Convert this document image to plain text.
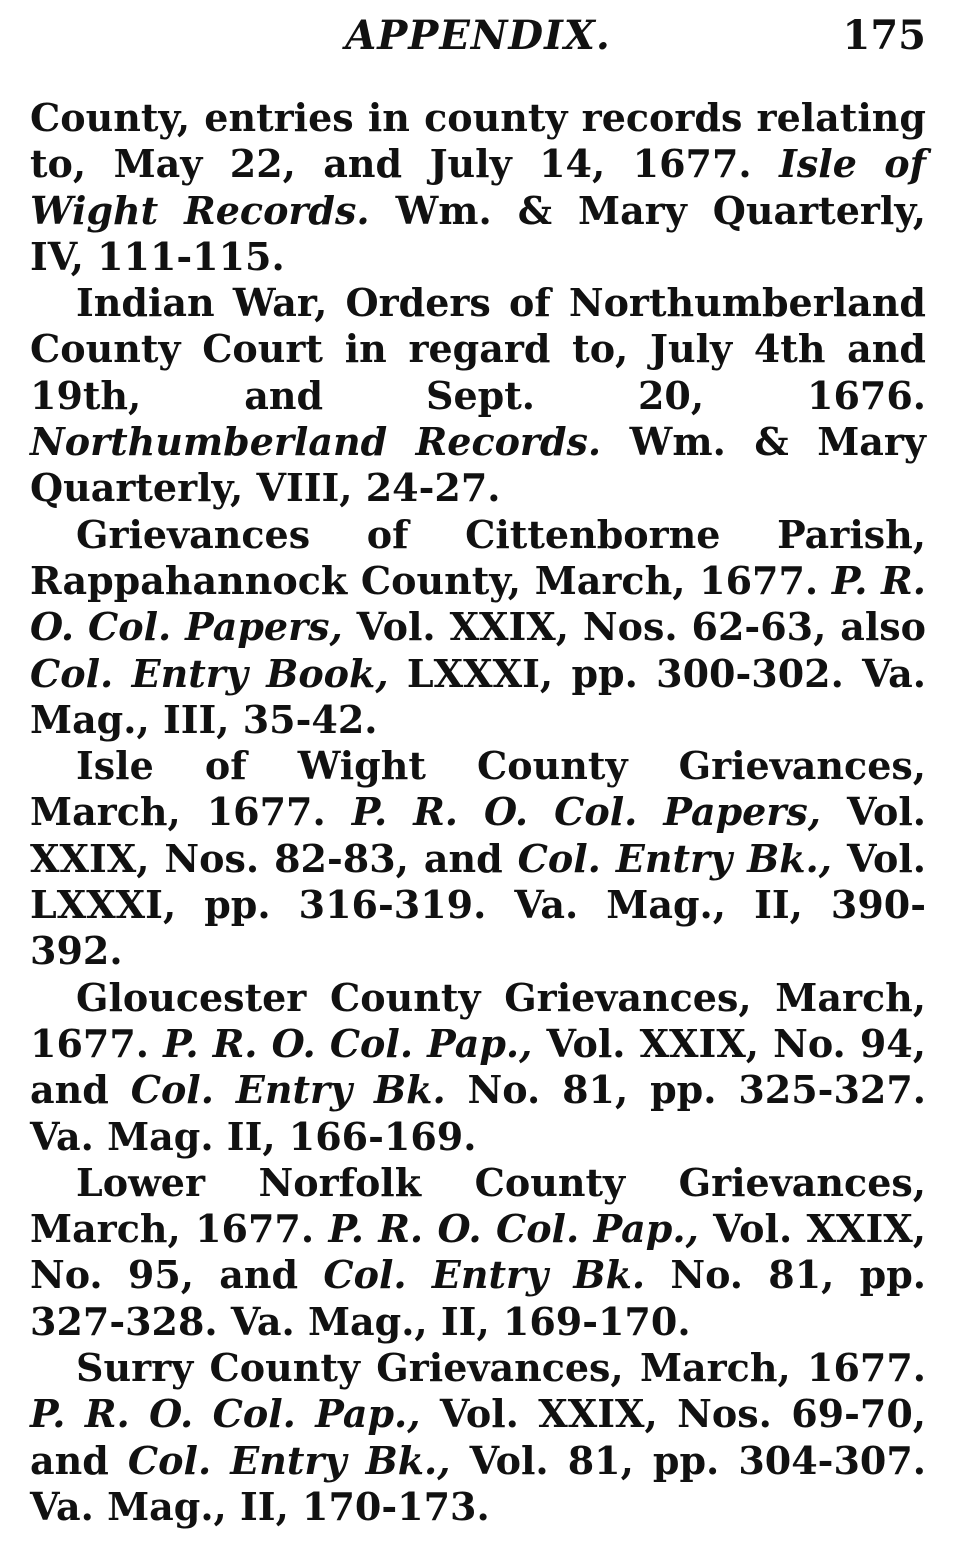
APPENDIX.	175

County, entries in county records relating to, May 22, and July 14, 1677. Isle of Wight Records. Wm. & Mary Quarterly, IV, 111-115.

Indian War, Orders of Northumberland County Court in regard to, July 4th and 19th, and Sept. 20, 1676. Northumberland Records. Wm. & Mary Quarterly, VIII, 24-27.

Grievances of Cittenborne Parish, Rappahannock County, March, 1677. P. R. O. Col. Papers, Vol. XXIX, Nos. 62-63, also Col. Entry Book, LXXXI, pp. 300-302. Va. Mag., III, 35-42.

Isle of Wight County Grievances, March, 1677. P. R. O. Col. Papers, Vol. XXIX, Nos. 82-83, and Col. Entry Bk., Vol. LXXXI, pp. 316-319. Va. Mag., II, 390-392.

Gloucester County Grievances, March, 1677. P. R. O. Col. Pap., Vol. XXIX, No. 94, and Col. Entry Bk. No. 81, pp. 325-327. Va. Mag. II, 166-169.

Lower Norfolk County Grievances, March, 1677. P. R. O. Col. Pap., Vol. XXIX, No. 95, and Col. Entry Bk. No. 81, pp. 327-328. Va. Mag., II, 169-170.

Surry County Grievances, March, 1677. P. R. O. Col. Pap., Vol. XXIX, Nos. 69-70, and Col. Entry Bk., Vol. 81, pp. 304-307. Va. Mag., II, 170-173.
